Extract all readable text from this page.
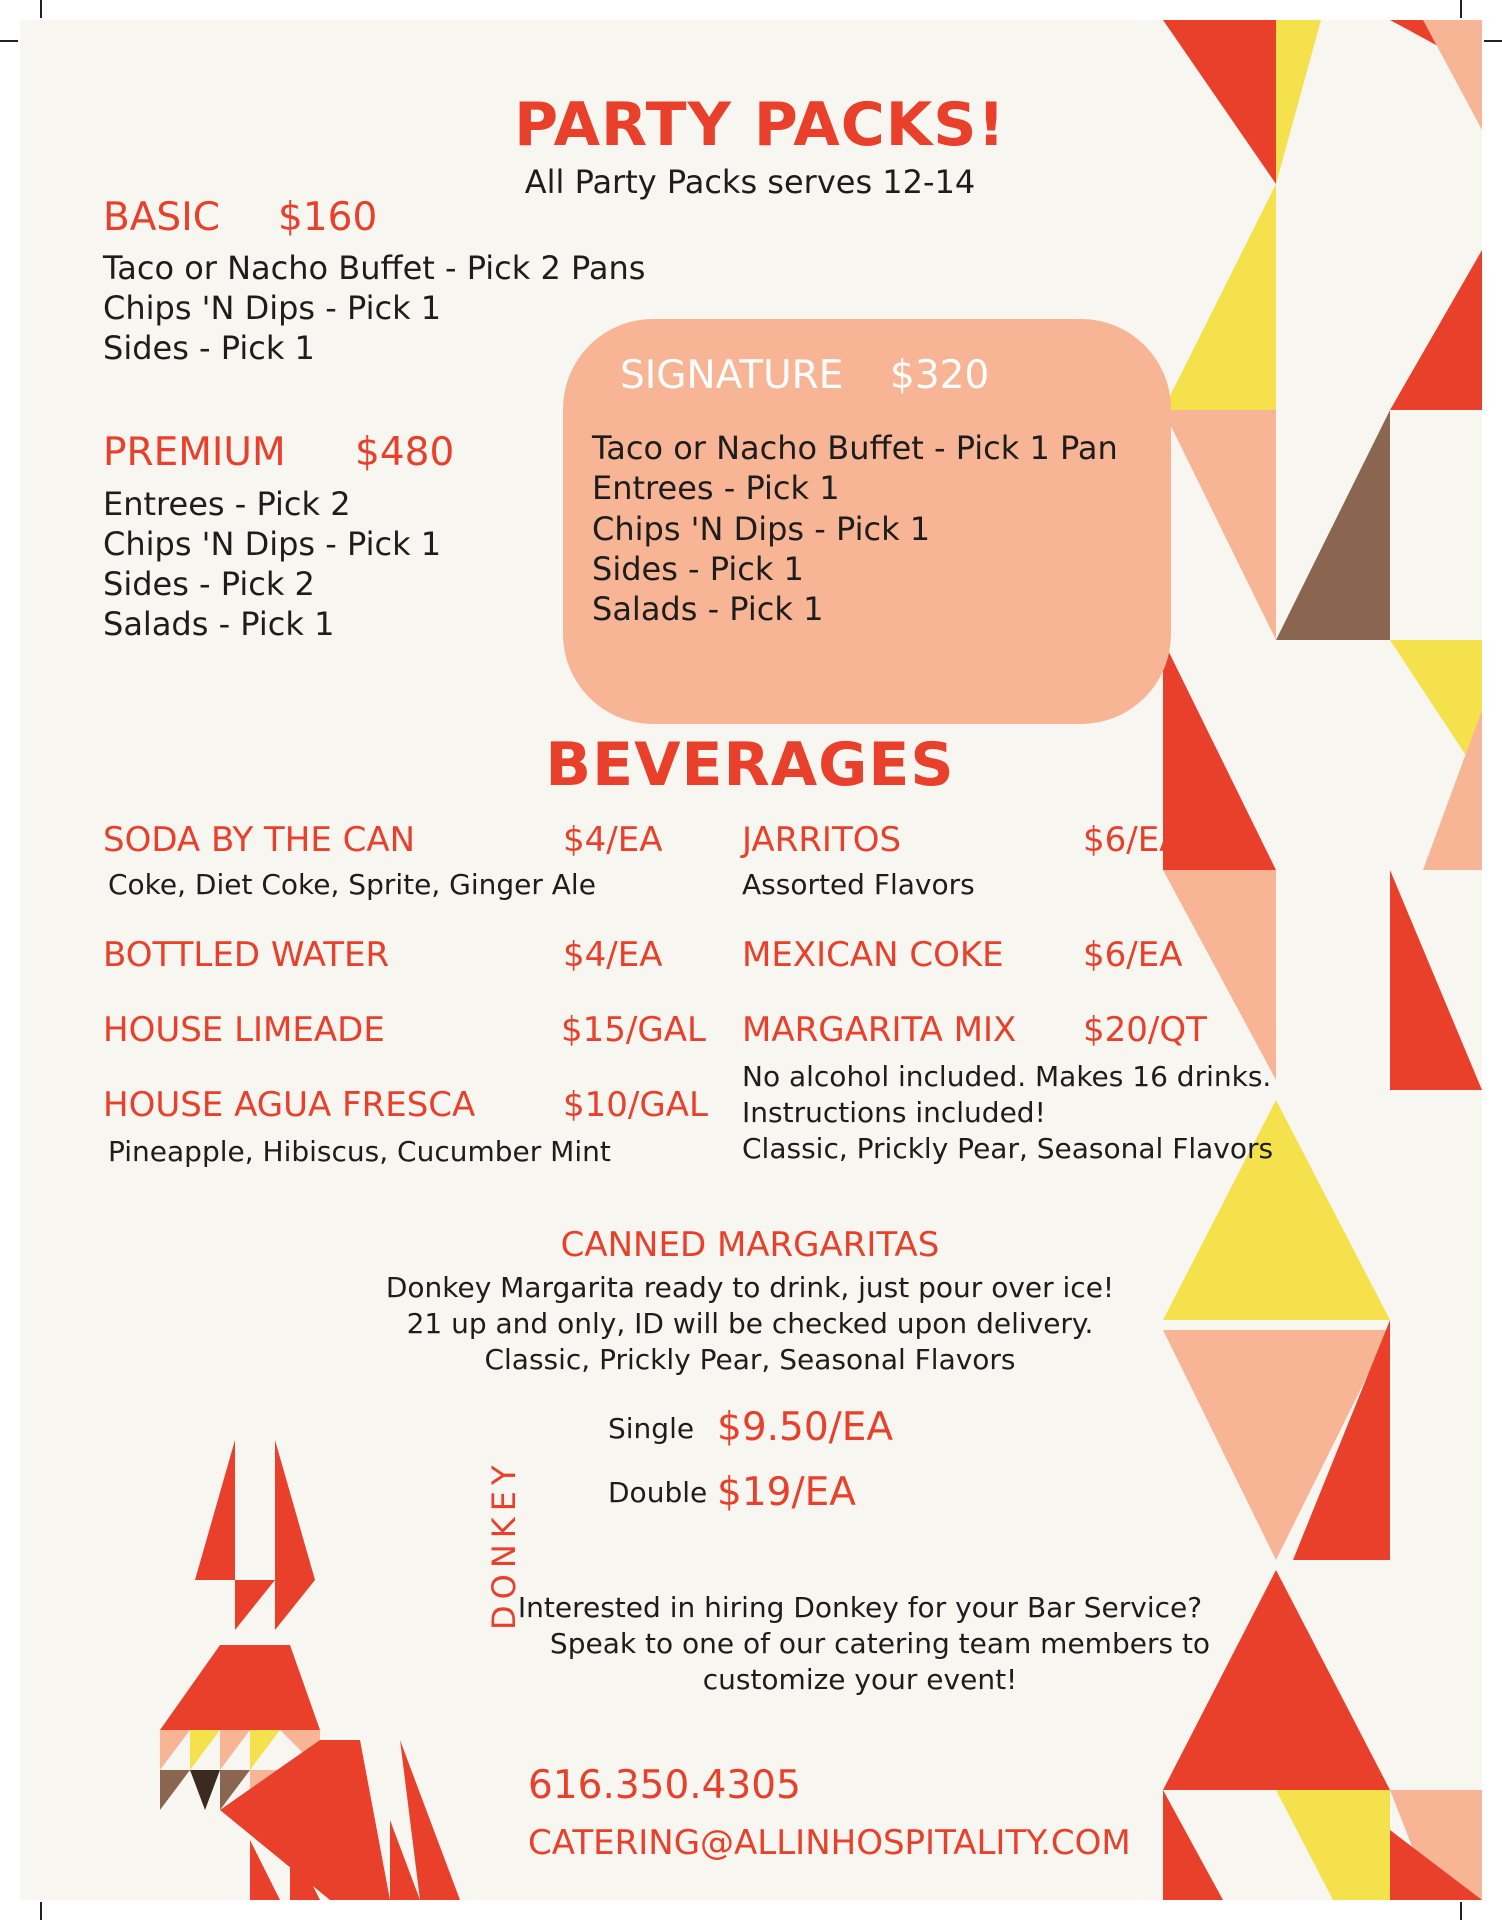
PARTY PACKS!
All Party Packs serves 12-14
BASIC $160
Taco or Nacho Buffet - Pick 2 Pans
Chips 'N Dips - Pick 1
Sides - Pick 1
PREMIUM $480
Entrees - Pick 2
Chips 'N Dips - Pick 1
Sides - Pick 2
Salads - Pick 1
SIGNATURE $320
Taco or Nacho Buffet - Pick 1 Pan
Entrees - Pick 1
Chips 'N Dips - Pick 1
Sides - Pick 1
Salads - Pick 1
BEVERAGES
SODA BY THE CAN	$4/EA
Coke, Diet Coke, Sprite, Ginger Ale
BOTTLED WATER	$4/EA
HOUSE LIMEADE	$15/GAL
HOUSE AGUA FRESCA	$10/GAL
Pineapple, Hibiscus, Cucumber Mint
JARRITOS	$6/EA
Assorted Flavors
MEXICAN COKE $6/EA
MARGARITA MIX $20/QT
No alcohol included. Makes 16 drinks.
Instructions included!
Classic, Prickly Pear, Seasonal Flavors
CANNED MARGARITAS
Donkey Margarita ready to drink, just pour over ice!
21 up and only, ID will be checked upon delivery.
Classic, Prickly Pear, Seasonal Flavors
Single $9.50/EA
Double $19/EA
Interested in hiring Donkey for your Bar Service?
Speak to one of our catering team members to
customize your event!
616.350.4305
CATERING@ALLINHOSPITALITY.COM
DONKEY
